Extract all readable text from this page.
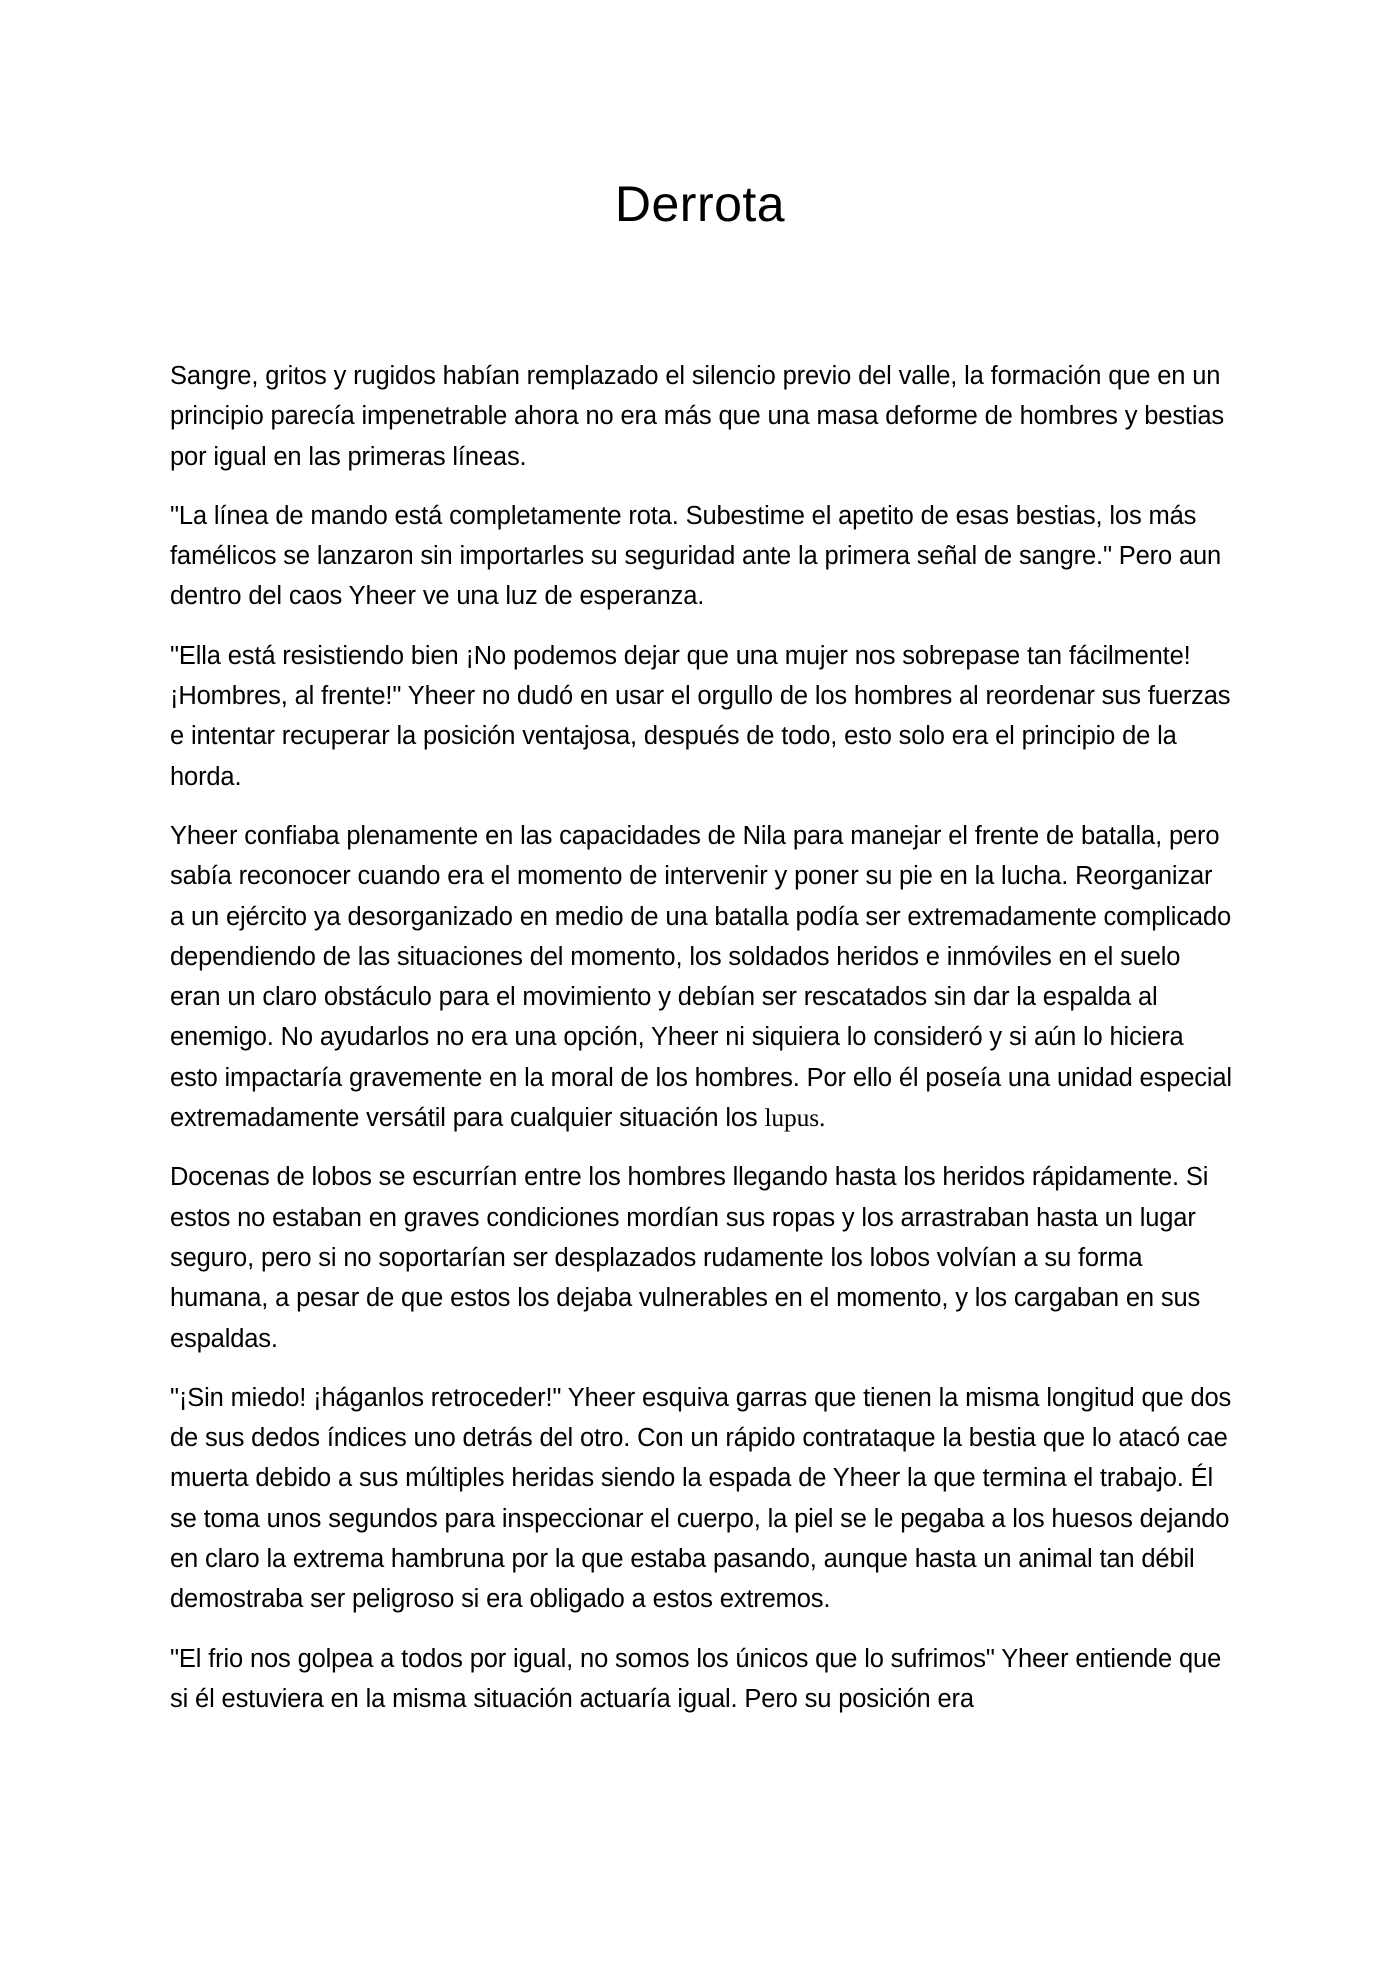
Derrota

Sangre, gritos y rugidos habían remplazado el silencio previo del valle, la formación que en un principio parecía impenetrable ahora no era más que una masa deforme de hombres y bestias por igual en las primeras líneas.

"La línea de mando está completamente rota. Subestime el apetito de esas bestias, los más famélicos se lanzaron sin importarles su seguridad ante la primera señal de sangre." Pero aun dentro del caos Yheer ve una luz de esperanza.

"Ella está resistiendo bien ¡No podemos dejar que una mujer nos sobrepase tan fácilmente! ¡Hombres, al frente!" Yheer no dudó en usar el orgullo de los hombres al reordenar sus fuerzas e intentar recuperar la posición ventajosa, después de todo, esto solo era el principio de la horda.

Yheer confiaba plenamente en las capacidades de Nila para manejar el frente de batalla, pero sabía reconocer cuando era el momento de intervenir y poner su pie en la lucha. Reorganizar a un ejército ya desorganizado en medio de una batalla podía ser extremadamente complicado dependiendo de las situaciones del momento, los soldados heridos e inmóviles en el suelo eran un claro obstáculo para el movimiento y debían ser rescatados sin dar la espalda al enemigo. No ayudarlos no era una opción, Yheer ni siquiera lo consideró y si aún lo hiciera esto impactaría gravemente en la moral de los hombres. Por ello él poseía una unidad especial extremadamente versátil para cualquier situación los lupus.

Docenas de lobos se escurrían entre los hombres llegando hasta los heridos rápidamente. Si estos no estaban en graves condiciones mordían sus ropas y los arrastraban hasta un lugar seguro, pero si no soportarían ser desplazados rudamente los lobos volvían a su forma humana, a pesar de que estos los dejaba vulnerables en el momento, y los cargaban en sus espaldas.

"¡Sin miedo! ¡háganlos retroceder!" Yheer esquiva garras que tienen la misma longitud que dos de sus dedos índices uno detrás del otro. Con un rápido contrataque la bestia que lo atacó cae muerta debido a sus múltiples heridas siendo la espada de Yheer la que termina el trabajo. Él se toma unos segundos para inspeccionar el cuerpo, la piel se le pegaba a los huesos dejando en claro la extrema hambruna por la que estaba pasando, aunque hasta un animal tan débil demostraba ser peligroso si era obligado a estos extremos.

"El frio nos golpea a todos por igual, no somos los únicos que lo sufrimos" Yheer entiende que si él estuviera en la misma situación actuaría igual. Pero su posición era
